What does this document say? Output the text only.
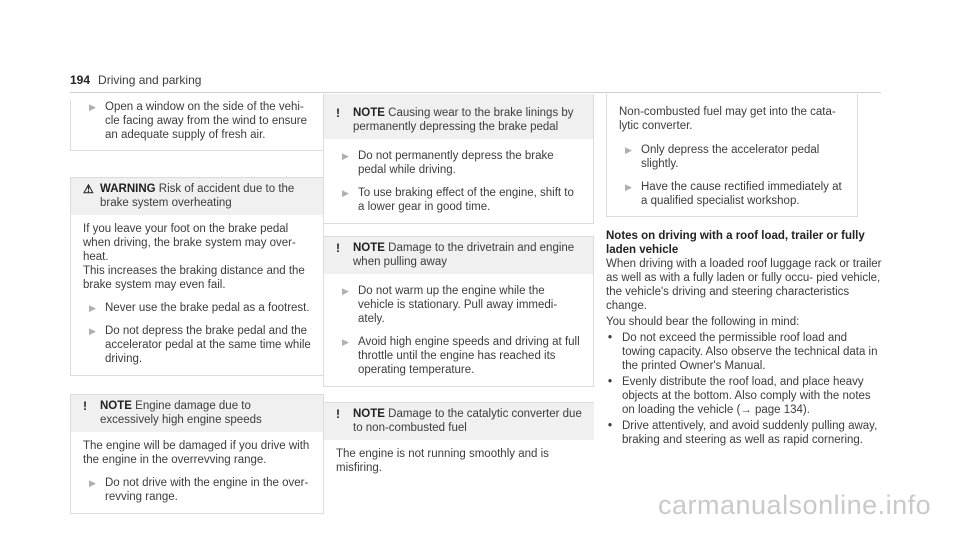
194 Driving and parking
▶ Open a window on the side of the vehi- cle facing away from the wind to ensure an adequate supply of fresh air.
⚠ WARNING Risk of accident due to the brake system overheating

If you leave your foot on the brake pedal when driving, the brake system may over- heat.

This increases the braking distance and the brake system may even fail.

▶ Never use the brake pedal as a footrest.
▶ Do not depress the brake pedal and the accelerator pedal at the same time while driving.
!	NOTE Engine damage due to excessively high engine speeds

The engine will be damaged if you drive with the engine in the overrevving range.

▶ Do not drive with the engine in the over- revving range.
!	NOTE Causing wear to the brake linings by permanently depressing the brake pedal
▶ Do not permanently depress the brake pedal while driving.
▶ To use braking effect of the engine, shift to a lower gear in good time.
!	NOTE Damage to the drivetrain and engine when pulling away
▶ Do not warm up the engine while the vehicle is stationary. Pull away immedi- ately.
▶ Avoid high engine speeds and driving at full throttle until the engine has reached its operating temperature.
!	NOTE Damage to the catalytic converter due to non-combusted fuel

The engine is not running smoothly and is misfiring.

Non-combusted fuel may get into the cata- lytic converter.

▶ Only depress the accelerator pedal slightly.
▶ Have the cause rectified immediately at a qualified specialist workshop.

Notes on driving with a roof load, trailer or fully laden vehicle

When driving with a loaded roof luggage rack or trailer as well as with a fully laden or fully occu- pied vehicle, the vehicle's driving and steering characteristics change.

You should bear the following in mind:

• Do not exceed the permissible roof load and towing capacity. Also observe the technical data in the printed Owner's Manual.
• Evenly distribute the roof load, and place heavy objects at the bottom. Also comply with the notes on loading the vehicle (→ page 134).
• Drive attentively, and avoid suddenly pulling away, braking and steering as well as rapid cornering.
carmanualsonline.info
